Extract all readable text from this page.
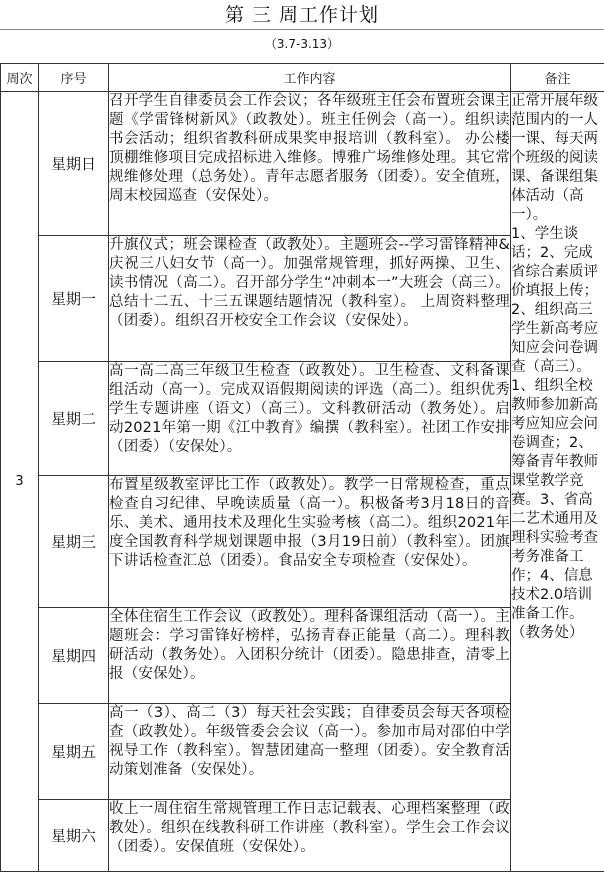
第 三 周工作计划
（3.7-3.13）
周次	序号	工作内容	备注
3	星期日	召开学生自律委员会工作会议；各年级班主任会布置班会课主题《学雷锋树新风》（政教处）。班主任例会（高一）。组织读书会活动；组织省教科研成果奖申报培训（教科室）。 办公楼顶棚维修项目完成招标进入维修。博雅广场维修处理。其它常规维修处理（总务处）。青年志愿者服务（团委）。安全值班，周末校园巡查（安保处）。	正常开展年级范围内的一人一课、每天两个班级的阅读课、备课组集体活动（高一）。
1、学生谈话；2、完成省综合素质评价填报上传；2、组织高三学生新高考应知应会问卷调查（高三）。
1、组织全校教师参加新高考应知应会问卷调查；2、筹备青年教师课堂教学竞赛。3、省高二艺术通用及理科实验考查考务准备工作；4、信息技术2.0培训准备工作。（教务处）

	星期一	升旗仪式；班会课检查（政教处）。主题班会--学习雷锋精神&庆祝三八妇女节（高一）。加强常规管理，抓好两操、卫生、读书情况（高二）。召开部分学生“冲刺本一”大班会（高三）。总结十二五、十三五课题结题情况（教科室）。 上周资料整理（团委）。组织召开校安全工作会议（安保处）。	
	星期二	高一高二高三年级卫生检查（政教处）。卫生检查、文科备课组活动（高一）。完成双语假期阅读的评选（高二）。组织优秀学生专题讲座（语文）（高三）。文科教研活动（教务处）。启动2021年第一期《江中教育》编撰（教科室）。社团工作安排（团委）（安保处）。	
	星期三	布置星级教室评比工作（政教处）。教学一日常规检查，重点检查自习纪律、早晚读质量（高一）。积极备考3月18日的音乐、美术、通用技术及理化生实验考核（高二）。组织2021年度全国教育科学规划课题申报（3月19日前）（教科室）。团旗下讲话检查汇总（团委）。食品安全专项检查（安保处）。	
	星期四	全体住宿生工作会议（政教处）。理科备课组活动（高一）。主题班会：学习雷锋好榜样，弘扬青春正能量（高二）。理科教研活动（教务处）。入团积分统计（团委）。隐患排查，清零上报（安保处）。	
	星期五	高一（3）、高二（3）每天社会实践；自律委员会每天各项检查（政教处）。年级管委会会议（高一）。参加市局对邵伯中学视导工作（教科室）。智慧团建高一整理（团委）。安全教育活动策划准备（安保处）。	
	星期六	收上一周住宿生常规管理工作日志记载表、心理档案整理（政教处）。组织在线教科研工作讲座（教科室）。学生会工作会议（团委）。安保值班（安保处）。	
